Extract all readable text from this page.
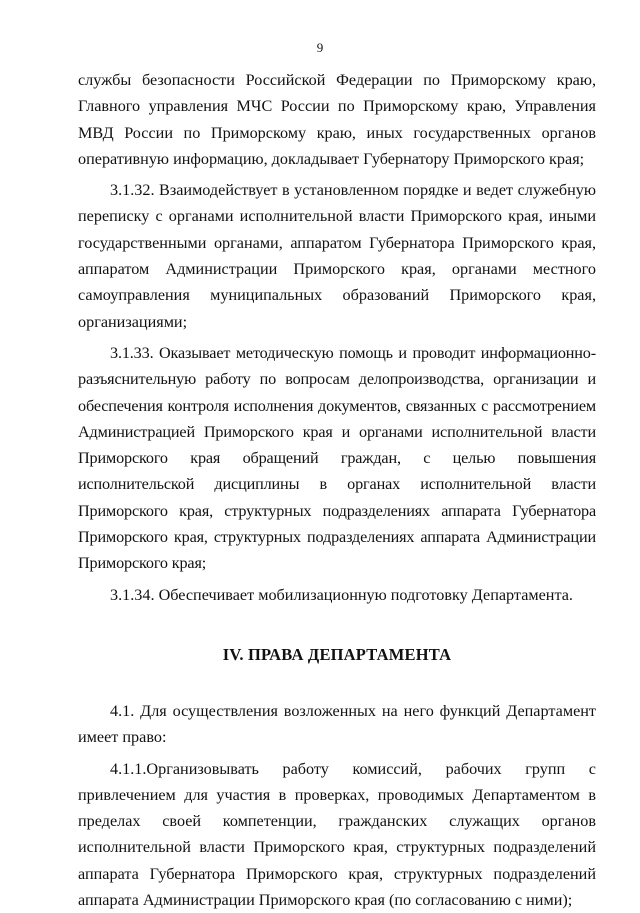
9

службы безопасности Российской Федерации по Приморскому краю, Главного управления МЧС России по Приморскому краю, Управления МВД России по Приморскому краю, иных государственных органов оперативную информацию, докладывает Губернатору Приморского края;

3.1.32. Взаимодействует в установленном порядке и ведет служебную переписку с органами исполнительной власти Приморского края, иными государственными органами, аппаратом Губернатора Приморского края, аппаратом Администрации Приморского края, органами местного самоуправления муниципальных образований Приморского края, организациями;

3.1.33. Оказывает методическую помощь и проводит информационно-разъяснительную работу по вопросам делопроизводства, организации и обеспечения контроля исполнения документов, связанных с рассмотрением Администрацией Приморского края и органами исполнительной власти Приморского края обращений граждан, с целью повышения исполнительской дисциплины в органах исполнительной власти Приморского края, структурных подразделениях аппарата Губернатора Приморского края, структурных подразделениях аппарата Администрации Приморского края;

3.1.34. Обеспечивает мобилизационную подготовку Департамента.

IV. ПРАВА ДЕПАРТАМЕНТА

4.1. Для осуществления возложенных на него функций Департамент имеет право:

4.1.1.Организовывать работу комиссий, рабочих групп с привлечением для участия в проверках, проводимых Департаментом в пределах своей компетенции, гражданских служащих органов исполнительной власти Приморского края, структурных подразделений аппарата Губернатора Приморского края, структурных подразделений аппарата Администрации Приморского края (по согласованию с ними);
